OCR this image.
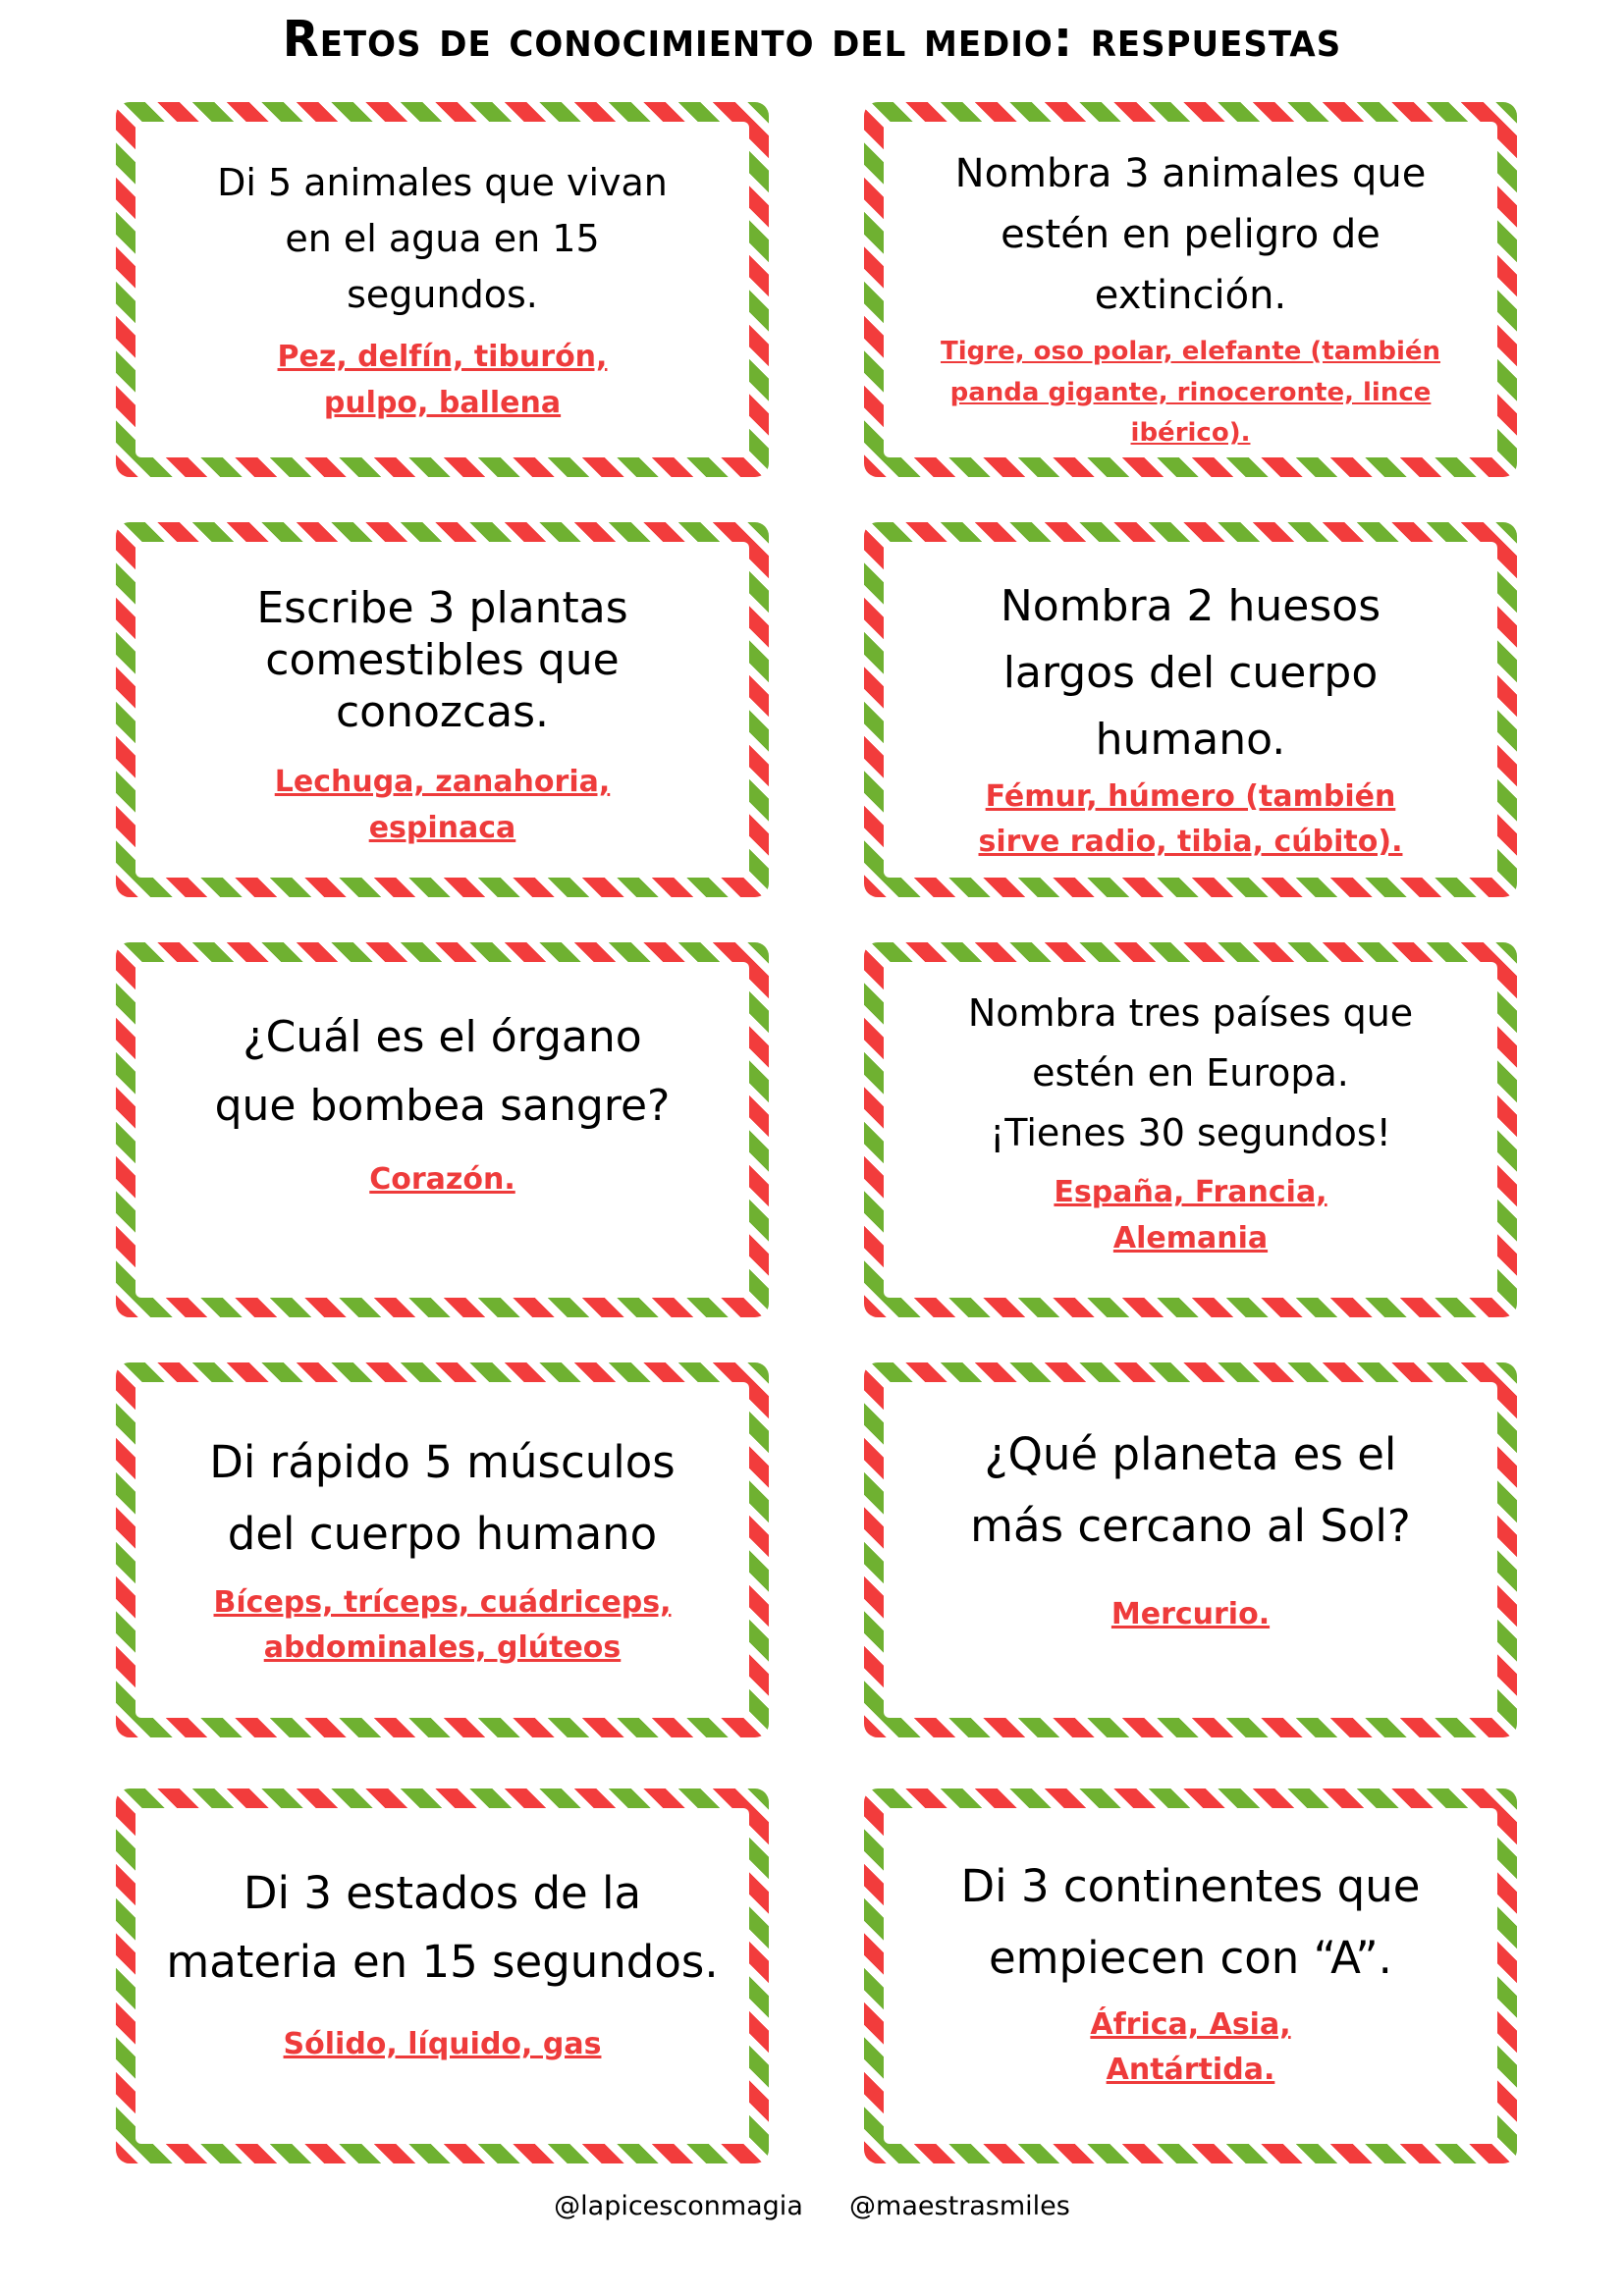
Retos de conocimiento del medio: respuestas
Di 5 animales que vivan
en el agua en 15
segundos.
Pez, delfín, tiburón,
pulpo, ballena
Nombra 3 animales que
estén en peligro de
extinción.
Tigre, oso polar, elefante (también
panda gigante, rinoceronte, lince ibérico).
Escribe 3 plantas
comestibles que
conozcas.
Lechuga, zanahoria,
espinaca
Nombra 2 huesos
largos del cuerpo
humano.
Fémur, húmero (también
sirve radio, tibia, cúbito).
¿Cuál es el órgano
que bombea sangre?
Corazón.
Nombra tres países que
estén en Europa.
¡Tienes 30 segundos!
España, Francia,
Alemania
Di rápido 5 músculos
del cuerpo humano
Bíceps, tríceps, cuádriceps,
abdominales, glúteos
¿Qué planeta es el
más cercano al Sol?
Mercurio.
Di 3 estados de la
materia en 15 segundos.
Sólido, líquido, gas
Di 3 continentes que
empiecen con “A”.
África, Asia,
Antártida.
@lapicesconmagia @maestrasmiles
